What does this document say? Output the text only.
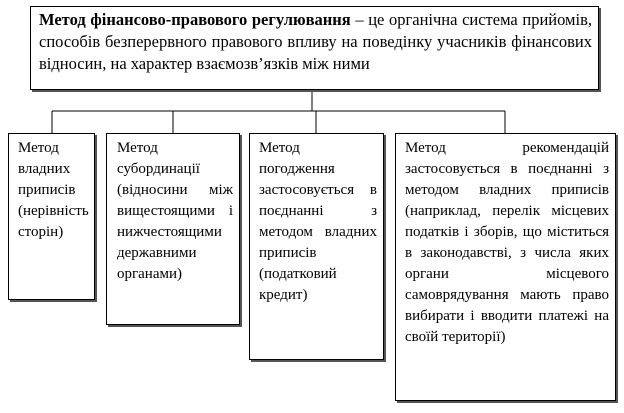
Метод фінансово-правового регулювання – це органічна система прийомів, способів безперервного правового впливу на поведінку учасників фінансових відносин, на характер взаємозв’язків між ними
Метод владних приписів (нерівність сторін)
Метод субординації (відносини між вищестоящими і нижчестоящими державними органами)
Метод погодження застосовується в поєднанні з методом владних приписів (податковий кредит)
Метод рекомендацій застосовується в поєднанні з методом владних приписів (наприклад, перелік місцевих податків і зборів, що міститься в законодавстві, з числа яких органи місцевого самоврядування мають право вибирати і вводити платежі на своїй території)
